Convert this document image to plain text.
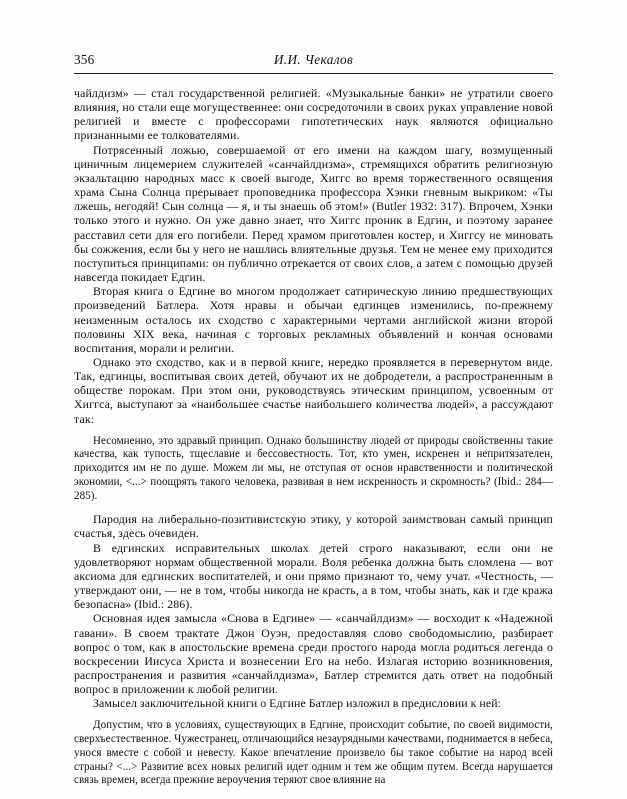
356	И.И. Чекалов

чайлдизм» — стал государственной религией. «Музыкальные банки» не утратили своего влияния, но стали еще могущественнее: они сосредоточили в своих руках управление новой религией и вместе с профессорами гипотетических наук являются официально признанными ее толкователями.

Потрясенный ложью, совершаемой от его имени на каждом шагу, возмущенный циничным лицемерием служителей «санчайлдизма», стремящихся обратить религиозную экзальтацию народных масс к своей выгоде, Хиггс во время торжественного освящения храма Сына Солнца прерывает проповедника профессора Хэнки гневным выкриком: «Ты лжешь, негодяй! Сын солнца — я, и ты знаешь об этом!» (Butler 1932: 317). Впрочем, Хэнки только этого и нужно. Он уже давно знает, что Хиггс проник в Едгин, и поэтому заранее расставил сети для его погибели. Перед храмом приготовлен костер, и Хиггсу не миновать бы сожжения, если бы у него не нашлись влиятельные друзья. Тем не менее ему приходится поступиться принципами: он публично отрекается от своих слов, а затем с помощью друзей навсегда покидает Едгин.

Вторая книга о Едгине во многом продолжает сатирическую линию предшествующих произведений Батлера. Хотя нравы и обычаи едгинцев изменились, по-прежнему неизменным осталось их сходство с характерными чертами английской жизни второй половины XIX века, начиная с торговых рекламных объявлений и кончая основами воспитания, морали и религии.

Однако это сходство, как и в первой книге, нередко проявляется в перевернутом виде. Так, едгинцы, воспитывая своих детей, обучают их не добродетели, а распространенным в обществе порокам. При этом они, руководствуясь этическим принципом, усвоенным от Хиггса, выступают за «наибольшее счастье наибольшего количества людей», а рассуждают так:

Несомненно, это здравый принцип. Однако большинству людей от природы свойственны такие качества, как тупость, тщеславие и бессовестность. Тот, кто умен, искренен и непритязателен, приходится им не по душе. Можем ли мы, не отступая от основ нравственности и политической экономии, <...> поощрять такого человека, развивая в нем искренность и скромность? (Ibid.: 284—285).

Пародия на либерально-позитивистскую этику, у которой заимствован самый принцип счастья, здесь очевиден.

В едгинских исправительных школах детей строго наказывают, если они не удовлетворяют нормам общественной морали. Воля ребенка должна быть сломлена — вот аксиома для едгинских воспитателей, и они прямо признают то, чему учат. «Честность, — утверждают они, — не в том, чтобы никогда не красть, а в том, чтобы знать, как и где кража безопасна» (Ibid.: 286).

Основная идея замысла «Снова в Едгине» — «санчайлдизм» — восходит к «Надежной гавани». В своем трактате Джон Оуэн, предоставляя слово свободомыслию, разбирает вопрос о том, как в апостольские времена среди простого народа могла родиться легенда о воскресении Иисуса Христа и вознесении Его на небо. Излагая историю возникновения, распространения и развития «санчайлдизма», Батлер стремится дать ответ на подобный вопрос в приложении к любой религии.

Замысел заключительной книги о Едгине Батлер изложил в предисловии к ней:

Допустим, что в условиях, существующих в Едгине, происходит событие, по своей видимости, сверхъестественное. Чужестранец, отличающийся незаурядными качествами, поднимается в небеса, унося вместе с собой и невесту. Какое впечатление произвело бы такое событие на народ всей страны? <...> Развитие всех новых религий идет одним и тем же общим путем. Всегда нарушается связь времен, всегда прежние вероучения теряют свое влияние на
